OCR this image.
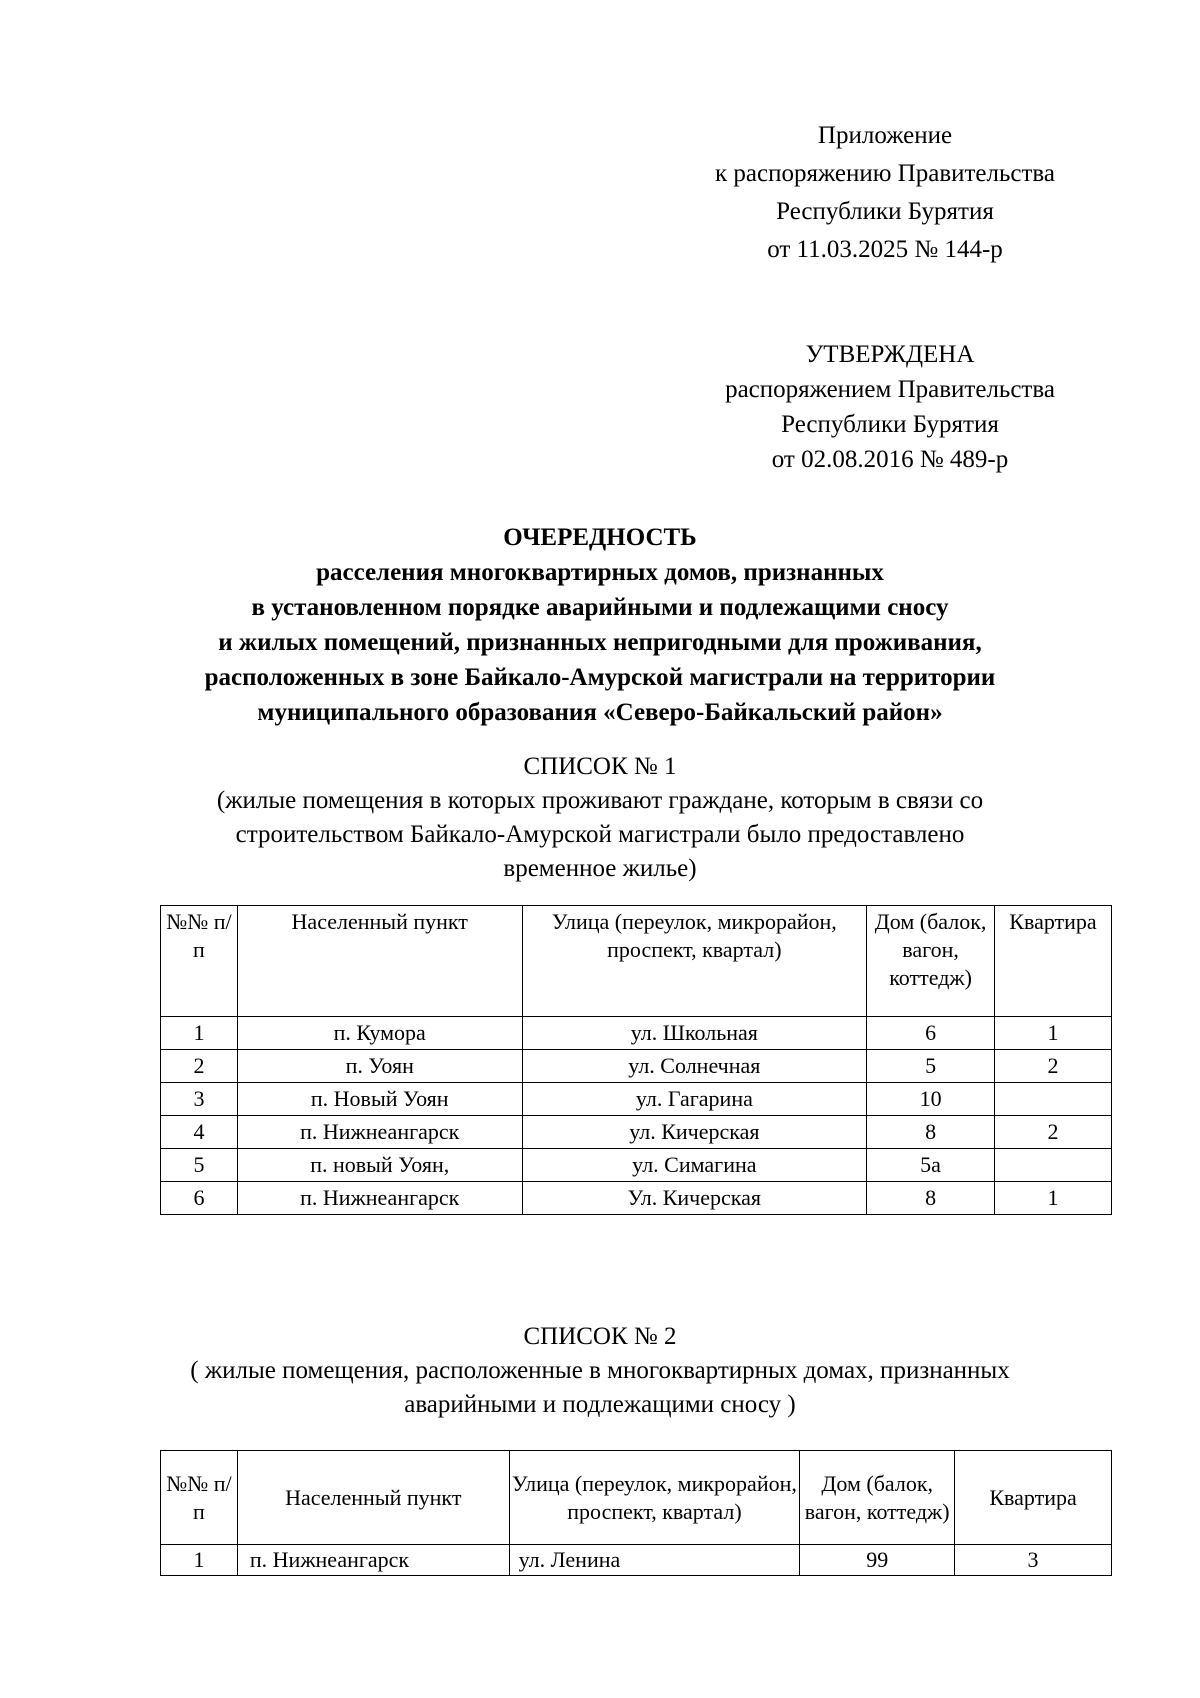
Приложение
к распоряжению Правительства
Республики Бурятия
от 11.03.2025 № 144-р
УТВЕРЖДЕНА
распоряжением Правительства
Республики Бурятия
от 02.08.2016 № 489-р
ОЧЕРЕДНОСТЬ
расселения многоквартирных домов, признанных
в установленном порядке аварийными и подлежащими сносу
и жилых помещений, признанных непригодными для проживания,
расположенных в зоне Байкало-Амурской магистрали на территории
муниципального образования «Северо-Байкальский район»
СПИСОК № 1
(жилые помещения в которых проживают граждане, которым в связи со
строительством Байкало-Амурской магистрали было предоставлено
временное жилье)
№№ п/п	Населенный пункт	Улица (переулок, микрорайон, проспект, квартал)	Дом (балок, вагон, коттедж)	Квартира
1	п. Кумора	ул. Школьная	6	1
2	п. Уоян	ул. Солнечная	5	2
3	п. Новый Уоян	ул. Гагарина	10	
4	п. Нижнеангарск	ул. Кичерская	8	2
5	п. новый Уоян,	ул. Симагина	5а	
6	п. Нижнеангарск	Ул. Кичерская	8	1
СПИСОК № 2
( жилые помещения, расположенные в многоквартирных домах, признанных
аварийными и подлежащими сносу )
№№ п/п	Населенный пункт	Улица (переулок, микрорайон, проспект, квартал)	Дом (балок, вагон, коттедж)	Квартира
1	п. Нижнеангарск	ул. Ленина	99	3
